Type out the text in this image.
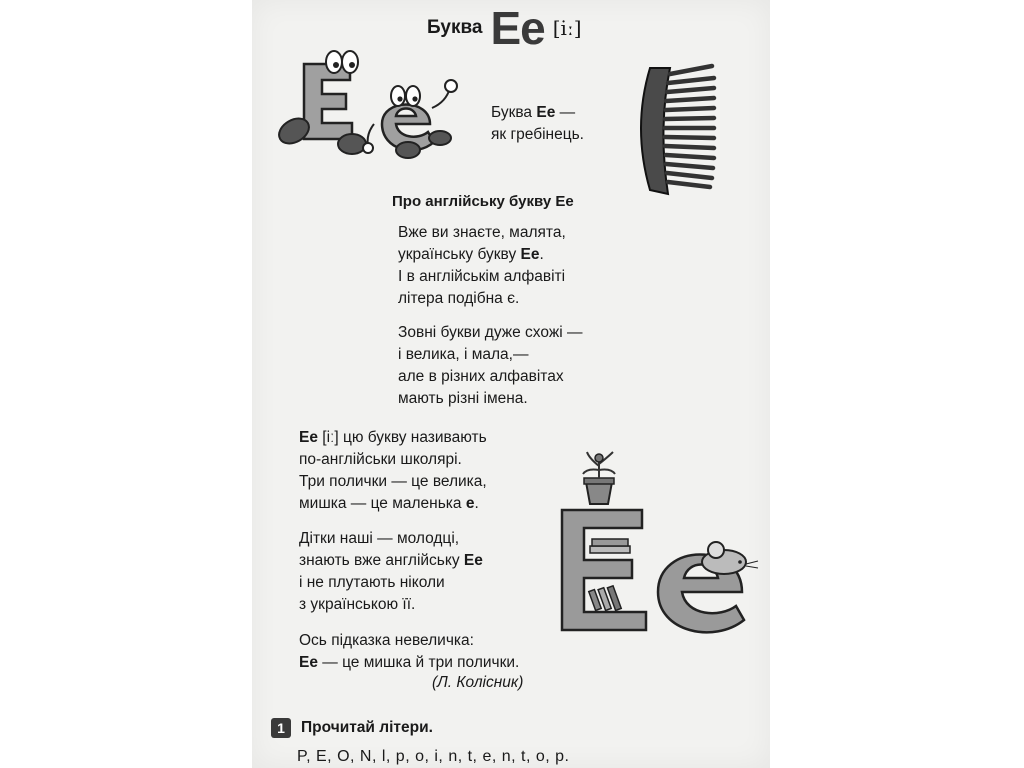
Буква Ee [iː]
Буква Ee —
як гребінець.
Про англійську букву Ee
Вже ви знаєте, малята,
українську букву Ee.
І в англійськім алфавіті
літера подібна є.
Зовні букви дуже схожі —
і велика, і мала,—
але в різних алфавітах
мають різні імена.
Ee [iː] цю букву називають
по-англійськи школярі.
Три полички — це велика,
мишка — це маленька e.
Дітки наші — молодці,
знають вже англійську Ee
і не плутають ніколи
з українською її.
Ось підказка невеличка:
Ee — це мишка й три полички.
(Л. Колісник)
1	Прочитай літери.
P, E, O, N, l, p, o, i, n, t, e, n, t, o, p.
